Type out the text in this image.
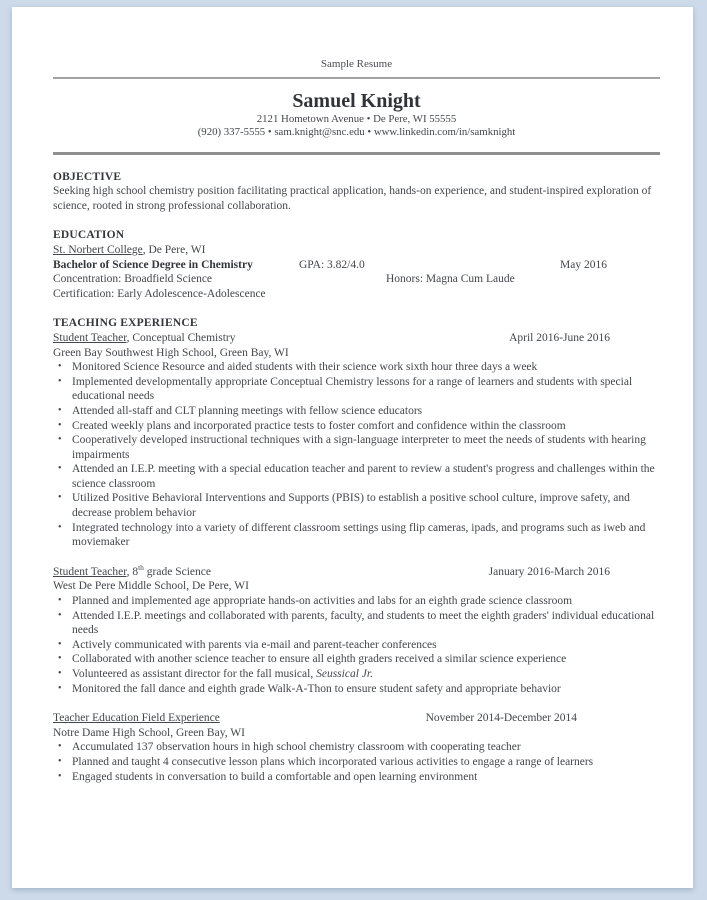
Sample Resume
Samuel Knight
2121 Hometown Avenue • De Pere, WI 55555
(920) 337-5555 • sam.knight@snc.edu • www.linkedin.com/in/samknight
OBJECTIVE

Seeking high school chemistry position facilitating practical application, hands-on experience, and student-inspired exploration of science, rooted in strong professional collaboration.

EDUCATION
St. Norbert College, De Pere, WI
Bachelor of Science Degree in Chemistry	GPA: 3.82/4.0	May 2016
Concentration: Broadfield Science	Honors: Magna Cum Laude
Certification: Early Adolescence-Adolescence
TEACHING EXPERIENCE
Student Teacher, Conceptual Chemistry	April 2016-June 2016
Green Bay Southwest High School, Green Bay, WI
• Monitored Science Resource and aided students with their science work sixth hour three days a week
• Implemented developmentally appropriate Conceptual Chemistry lessons for a range of learners and students with special educational needs
• Attended all-staff and CLT planning meetings with fellow science educators
• Created weekly plans and incorporated practice tests to foster comfort and confidence within the classroom
• Cooperatively developed instructional techniques with a sign-language interpreter to meet the needs of students with hearing impairments
• Attended an I.E.P. meeting with a special education teacher and parent to review a student's progress and challenges within the science classroom
• Utilized Positive Behavioral Interventions and Supports (PBIS) to establish a positive school culture, improve safety, and decrease problem behavior
• Integrated technology into a variety of different classroom settings using flip cameras, ipads, and programs such as iweb and moviemaker
Student Teacher, 8th grade Science	January 2016-March 2016
West De Pere Middle School, De Pere, WI
• Planned and implemented age appropriate hands-on activities and labs for an eighth grade science classroom
• Attended I.E.P. meetings and collaborated with parents, faculty, and students to meet the eighth graders' individual educational needs
• Actively communicated with parents via e-mail and parent-teacher conferences
• Collaborated with another science teacher to ensure all eighth graders received a similar science experience
• Volunteered as assistant director for the fall musical, Seussical Jr.
• Monitored the fall dance and eighth grade Walk-A-Thon to ensure student safety and appropriate behavior
Teacher Education Field Experience	November 2014-December 2014
Notre Dame High School, Green Bay, WI
• Accumulated 137 observation hours in high school chemistry classroom with cooperating teacher
• Planned and taught 4 consecutive lesson plans which incorporated various activities to engage a range of learners
• Engaged students in conversation to build a comfortable and open learning environment
